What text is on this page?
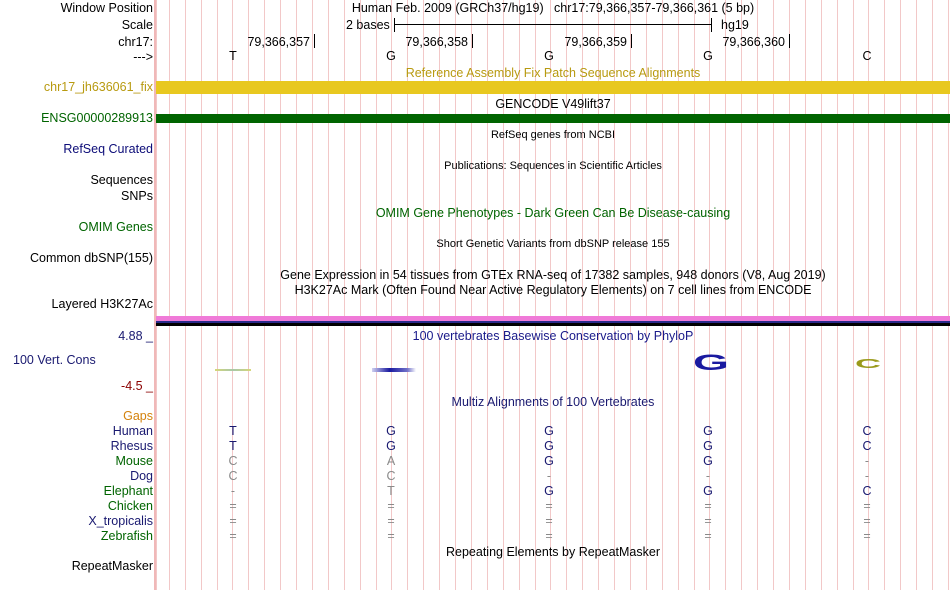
Window Position	Human Feb. 2009 (GRCh37/hg19)   chr17:79,366,357-79,366,361 (5 bp)
Scale	2 bases	hg19
chr17:	79,366,357	79,366,358	79,366,359	79,366,360
--->	T	G	G	G	C
Reference Assembly Fix Patch Sequence Alignments
chr17_jh636061_fix
GENCODE V49lift37
ENSG00000289913
RefSeq genes from NCBI
RefSeq Curated
Publications: Sequences in Scientific Articles
Sequences
SNPs
OMIM Gene Phenotypes - Dark Green Can Be Disease-causing
OMIM Genes
Short Genetic Variants from dbSNP release 155
Common dbSNP(155)
Gene Expression in 54 tissues from GTEx RNA-seq of 17382 samples, 948 donors (V8, Aug 2019)
H3K27Ac Mark (Often Found Near Active Regulatory Elements) on 7 cell lines from ENCODE
Layered H3K27Ac
4.88 _	100 vertebrates Basewise Conservation by PhyloP
100 Vert. Cons
-4.5 _
G	C
Multiz Alignments of 100 Vertebrates
Gaps
Human	T	G	G	G	C
Rhesus	T	G	G	G	C
Mouse	C	A	G	G	-
Dog	C	C	-	-	-
Elephant	-	T	G	G	C
Chicken	=	=	=	=	=
X_tropicalis	=	=	=	=	=
Zebrafish	=	=	=	=	=
Repeating Elements by RepeatMasker
RepeatMasker
